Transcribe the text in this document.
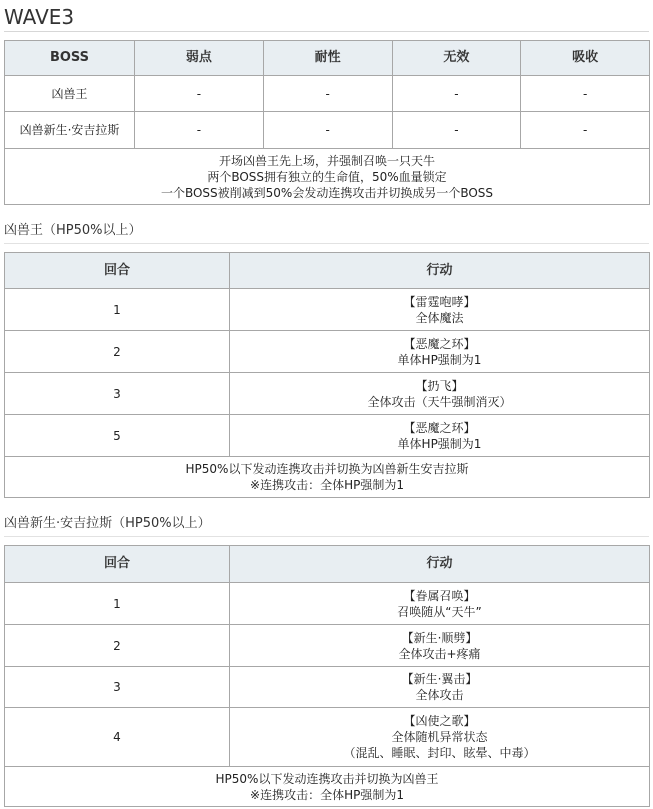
WAVE3
BOSS	弱点	耐性	无效	吸收
凶兽王	-	-	-	-
凶兽新生·安吉拉斯	-	-	-	-

开场凶兽王先上场，并强制召唤一只天牛
两个BOSS拥有独立的生命值，50%血量锁定
一个BOSS被削减到50%会发动连携攻击并切换成另一个BOSS				
凶兽王（HP50%以上）
回合	行动
1	【雷霆咆哮】
全体魔法

2	【恶魔之环】
单体HP强制为1

3	【扔飞】
全体攻击（天牛强制消灭）

5	【恶魔之环】
单体HP强制为1

HP50%以下发动连携攻击并切换为凶兽新生安吉拉斯
※连携攻击：全体HP强制为1	
凶兽新生·安吉拉斯（HP50%以上）
回合	行动
1	【眷属召唤】
召唤随从“天牛”

2	【新生·顺劈】
全体攻击+疼痛

3	【新生·翼击】
全体攻击

4	【凶使之歌】
全体随机异常状态
（混乱、睡眠、封印、眩晕、中毒）

HP50%以下发动连携攻击并切换为凶兽王
※连携攻击：全体HP强制为1	
